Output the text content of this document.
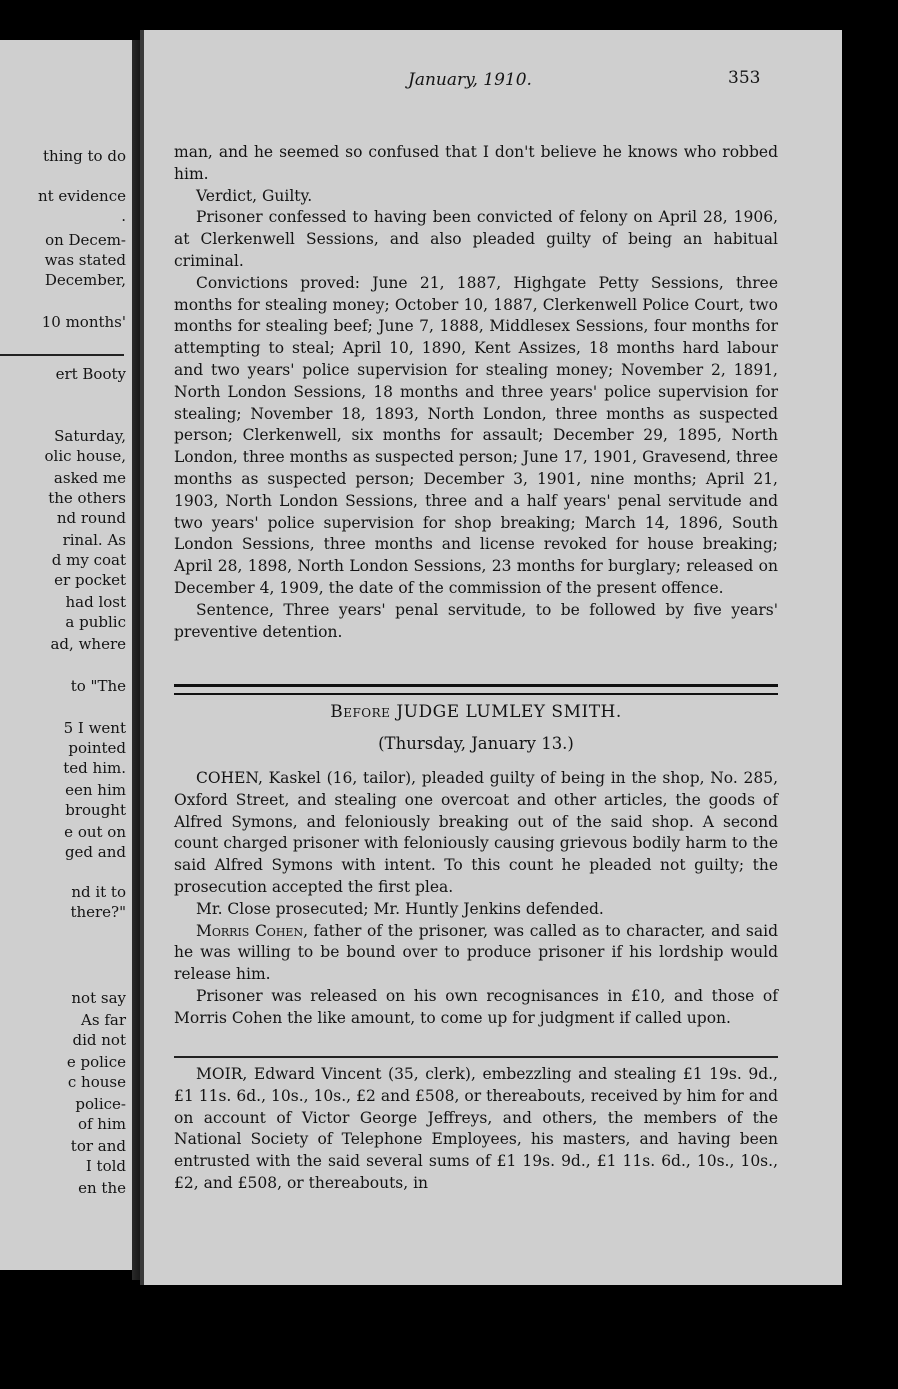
thing to do
nt evidence
.
on Decem-
was stated
December,
10 months'
ert Booty
Saturday,
olic house,
asked me
the others
nd round
rinal. As
d my coat
er pocket
had lost
a public
ad, where
to "The
5 I went
pointed
ted him.
een him
brought
e out on
ged and
nd it to
there?"
not say
As far
did not
e police
c house
police-
of him
tor and
I told
en the
January, 1910.	353

man, and he seemed so confused that I don't believe he knows who robbed him.

Verdict, Guilty.

Prisoner confessed to having been convicted of felony on April 28, 1906, at Clerkenwell Sessions, and also pleaded guilty of being an habitual criminal.

Convictions proved: June 21, 1887, Highgate Petty Sessions, three months for stealing money; October 10, 1887, Clerkenwell Police Court, two months for stealing beef; June 7, 1888, Middlesex Sessions, four months for attempting to steal; April 10, 1890, Kent Assizes, 18 months hard labour and two years' police supervision for stealing money; November 2, 1891, North London Sessions, 18 months and three years' police supervision for stealing; November 18, 1893, North London, three months as suspected person; Clerkenwell, six months for assault; December 29, 1895, North London, three months as suspected person; June 17, 1901, Gravesend, three months as suspected person; December 3, 1901, nine months; April 21, 1903, North London Sessions, three and a half years' penal servitude and two years' police supervision for shop breaking; March 14, 1896, South London Sessions, three months and license revoked for house breaking; April 28, 1898, North London Sessions, 23 months for burglary; released on December 4, 1909, the date of the commission of the present offence.

Sentence, Three years' penal servitude, to be followed by five years' preventive detention.

Before JUDGE LUMLEY SMITH.
(Thursday, January 13.)

COHEN, Kaskel (16, tailor), pleaded guilty of being in the shop, No. 285, Oxford Street, and stealing one overcoat and other articles, the goods of Alfred Symons, and feloniously breaking out of the said shop. A second count charged prisoner with feloniously causing grievous bodily harm to the said Alfred Symons with intent. To this count he pleaded not guilty; the prosecution accepted the first plea.

Mr. Close prosecuted; Mr. Huntly Jenkins defended.

Morris Cohen, father of the prisoner, was called as to character, and said he was willing to be bound over to produce prisoner if his lordship would release him.

Prisoner was released on his own recognisances in £10, and those of Morris Cohen the like amount, to come up for judgment if called upon.

MOIR, Edward Vincent (35, clerk), embezzling and stealing £1 19s. 9d., £1 11s. 6d., 10s., 10s., £2 and £508, or thereabouts, received by him for and on account of Victor George Jeffreys, and others, the members of the National Society of Telephone Employees, his masters, and having been entrusted with the said several sums of £1 19s. 9d., £1 11s. 6d., 10s., 10s., £2, and £508, or thereabouts, in
